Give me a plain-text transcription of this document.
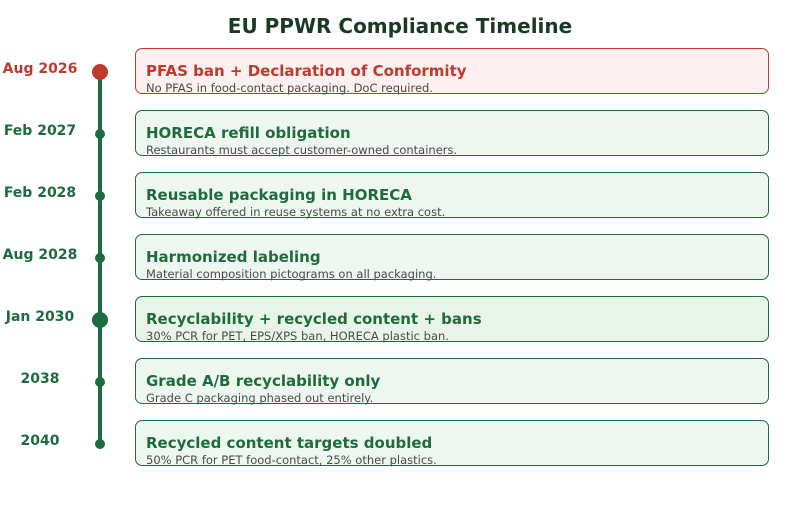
EU PPWR Compliance Timeline
Aug 2026	PFAS ban + Declaration of Conformity
No PFAS in food-contact packaging. DoC required.
Feb 2027	HORECA refill obligation
Restaurants must accept customer-owned containers.
Feb 2028	Reusable packaging in HORECA
Takeaway offered in reuse systems at no extra cost.
Aug 2028	Harmonized labeling
Material composition pictograms on all packaging.
Jan 2030	Recyclability + recycled content + bans
30% PCR for PET, EPS/XPS ban, HORECA plastic ban.
2038	Grade A/B recyclability only
Grade C packaging phased out entirely.
2040	Recycled content targets doubled
50% PCR for PET food-contact, 25% other plastics.
